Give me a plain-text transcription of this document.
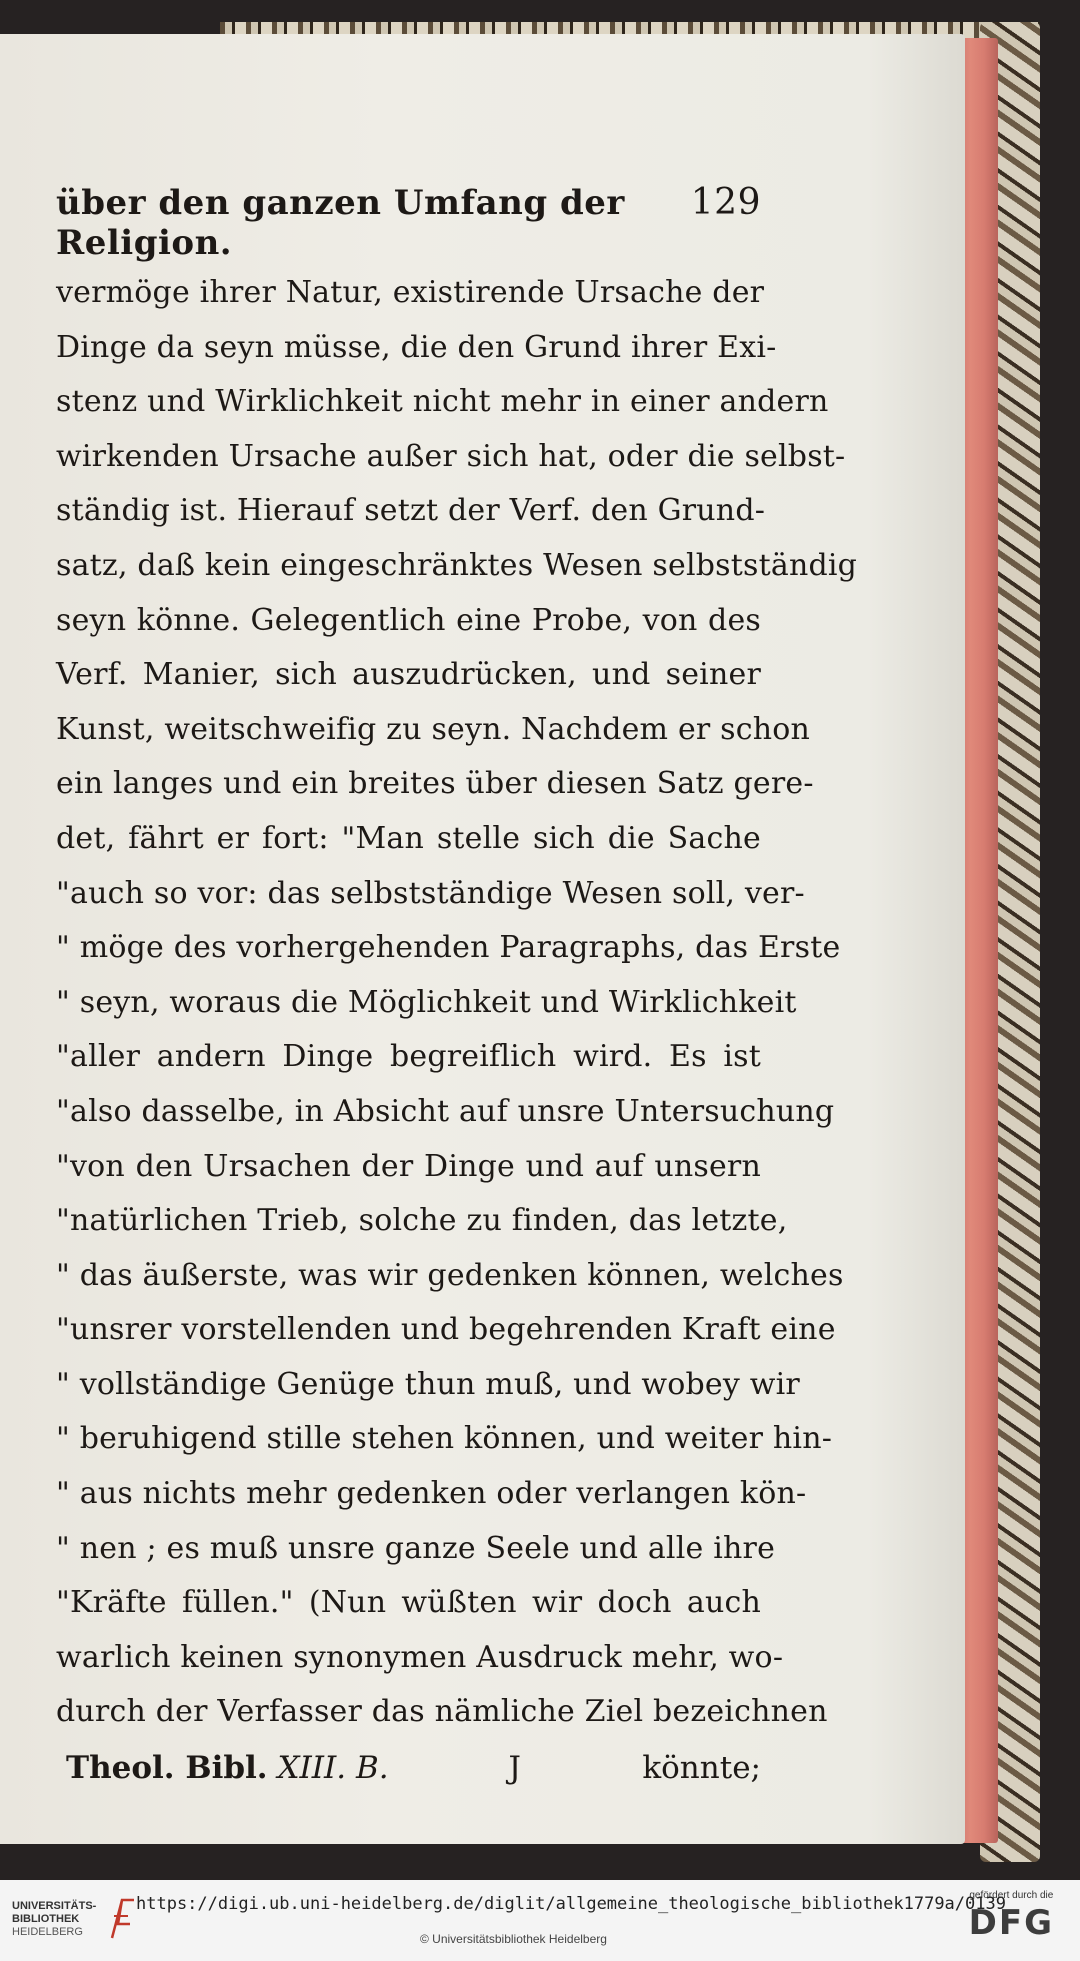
über den ganzen Umfang der Religion.
129
vermöge ihrer Natur, existirende Ursache der
Dinge da seyn müsse, die den Grund ihrer Exi-
stenz und Wirklichkeit nicht mehr in einer andern
wirkenden Ursache außer sich hat, oder die selbst-
ständig ist. Hierauf setzt der Verf. den Grund-
satz, daß kein eingeschränktes Wesen selbstständig
seyn könne. Gelegentlich eine Probe, von des
Verf. Manier, sich auszudrücken, und seiner
Kunst, weitschweifig zu seyn. Nachdem er schon
ein langes und ein breites über diesen Satz gere-
det, fährt er fort: "Man stelle sich die Sache
"auch so vor: das selbstständige Wesen soll, ver-
" möge des vorhergehenden Paragraphs, das Erste
" seyn, woraus die Möglichkeit und Wirklichkeit
"aller andern Dinge begreiflich wird. Es ist
"also dasselbe, in Absicht auf unsre Untersuchung
"von den Ursachen der Dinge und auf unsern
"natürlichen Trieb, solche zu finden, das letzte,
" das äußerste, was wir gedenken können, welches
"unsrer vorstellenden und begehrenden Kraft eine
" vollständige Genüge thun muß, und wobey wir
" beruhigend stille stehen können, und weiter hin-
" aus nichts mehr gedenken oder verlangen kön-
" nen ; es muß unsre ganze Seele und alle ihre
"Kräfte füllen." (Nun wüßten wir doch auch
warlich keinen synonymen Ausdruck mehr, wo-
durch der Verfasser das nämliche Ziel bezeichnen
Theol. Bibl. XIII. B.	J	könnte;
UNIVERSITÄTS-
BIBLIOTHEK
HEIDELBERG
https://digi.ub.uni-heidelberg.de/diglit/allgemeine_theologische_bibliothek1779a/0139
© Universitätsbibliothek Heidelberg
gefördert durch die
DFG
